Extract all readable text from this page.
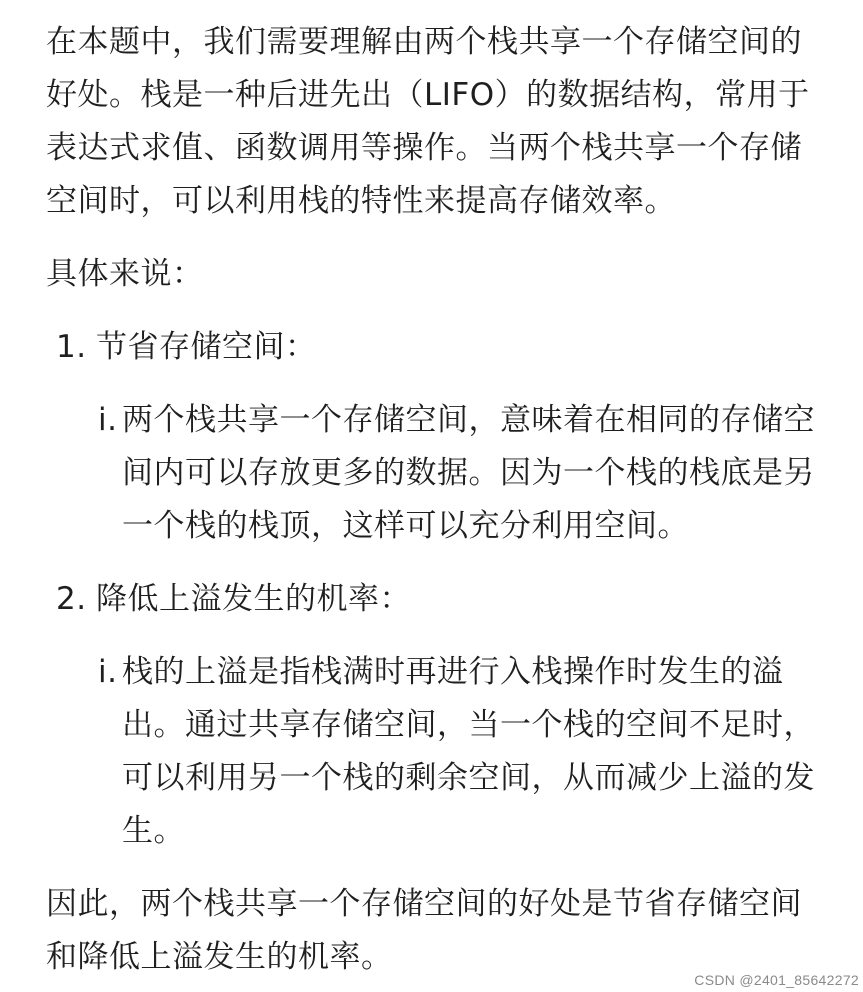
在本题中，我们需要理解由两个栈共享一个存储空间的好处。栈是一种后进先出（LIFO）的数据结构，常用于表达式求值、函数调用等操作。当两个栈共享一个存储空间时，可以利用栈的特性来提高存储效率。

具体来说：

1. 节省存储空间：
i. 两个栈共享一个存储空间，意味着在相同的存储空间内可以存放更多的数据。因为一个栈的栈底是另一个栈的栈顶，这样可以充分利用空间。
2. 降低上溢发生的机率：
i. 栈的上溢是指栈满时再进行入栈操作时发生的溢出。通过共享存储空间，当一个栈的空间不足时，可以利用另一个栈的剩余空间，从而减少上溢的发生。

因此，两个栈共享一个存储空间的好处是节省存储空间和降低上溢发生的机率。

CSDN @2401_85642272
